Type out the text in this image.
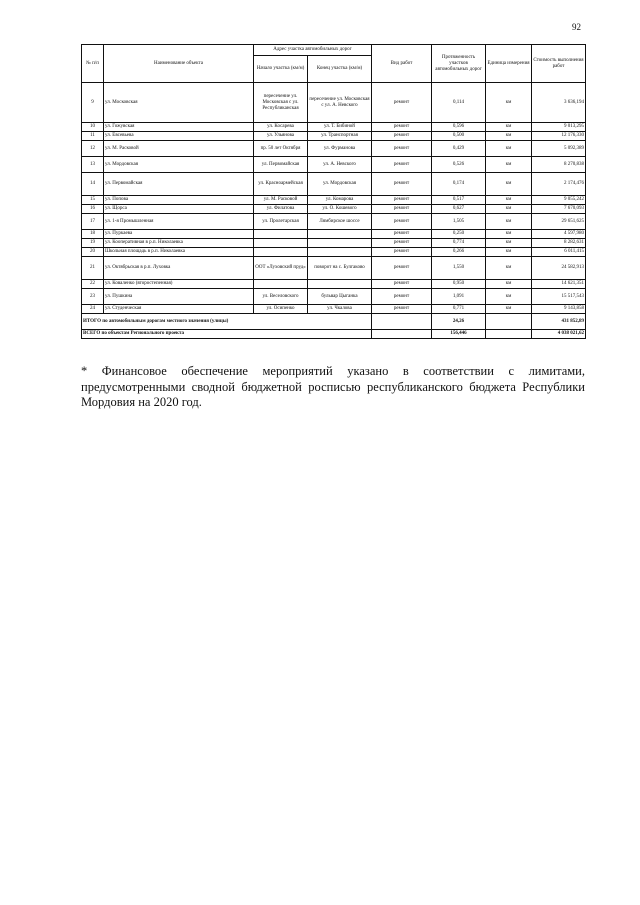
92
№ п/п	Наименование объекта	Адрес участка автомобильных дорог		Вид работ	Протяженность участков автомобильных дорог	Единица измерения	Стоимость выполнения работ
		Начало участка (км/м)	Конец участка (км/м)				
9	ул. Московская	пересечение ул. Московская с ул. Республиканская	пересечение ул. Московская с ул. А. Невского	ремонт	0,114	км	3 636,194
10	ул. Гожувская	ул. Косарева	ул. Т. Бибиной	ремонт	0,596	км	9 013,295
11	ул. Евсевьева	ул. Ульянова	ул. Транспортная	ремонт	0,500	км	12 176,330
12	ул. М. Расковой	пр. 50 лет Октября	ул. Фурманова	ремонт	0,429	км	5 092,389
13	ул. Мордовская	ул. Первомайская	ул. А. Невского	ремонт	0,526	км	8 270,838
14	ул. Первомайская	ул. Красноармейская	ул. Мордовская	ремонт	0,174	км	2 174,476
15	ул. Попова	ул. М. Расковой	ул. Комарова	ремонт	0,517	км	9 055,242
16	ул. Щорса	ул. Филатова	ул. О. Кошевого	ремонт	0,627	км	7 670,093
17	ул. 1-я Промышленная	ул. Пролетарская	Лямбирское шоссе	ремонт	1,505	км	29 651,625
18	ул. Пуркаева			ремонт	0,250	км	4 597,980
19	ул. Кооперативная в р.п. Николаевка			ремонт	0,774	км	8 282,631
20	Школьная площадь в р.п. Николаевка			ремонт	0,266	км	6 011,415
21	ул. Октябрьская в р.п. Луховка	ООТ «Луховский пруд»	поворот на с. Булгаково	ремонт	1,550	км	24 582,913
22	ул. Коваленко (второстепенная)			ремонт	0,950	км	14 621,351
23	ул. Пушкина	ул. Веселовского	бульвар Цыганка	ремонт	1,091	км	15 517,543
24	ул. Студенческая	ул. Осипенко	ул. Чкалова	ремонт	0,771	км	9 143,858
ИТОГО по автомобильным дорогам местного значения (улицы)					24,26		431 852,89
ВСЕГО по объектам Регионального проекта					156,446		4 038 021,62

* Финансовое обеспечение мероприятий указано в соответствии с лимитами, предусмотренными сводной бюджетной росписью республиканского бюджета Республики Мордовия на 2020 год.
